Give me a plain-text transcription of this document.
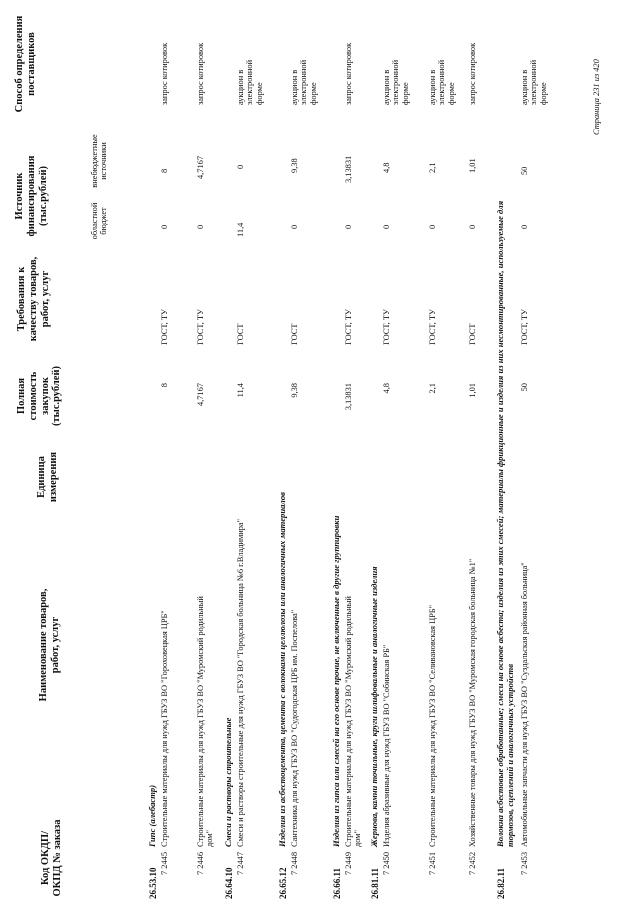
Код ОКДП/ ОКПД № заказа
Наименование товаров, работ, услуг
Единица измерения
Полная стоимость закупок (тыс.рублей)
Требования к качеству товаров, работ, услуг
Источник финансирования (тыс.рублей)	областной бюджет
внебюджетные источники
Способ определения поставщиков
26.53.10
Гипс (алебастр)
7 2445
Строительные материалы для нужд ГБУЗ ВО "Гороховецкая ЦРБ"
8
ГОСТ, ТУ
0
8
запрос котировок
7 2446
Строительные материалы для нужд ГБУЗ ВО "Муромский родильный дом"
4,7167
ГОСТ, ТУ
0
4,7167
запрос котировок
26.64.10
Смеси и растворы строительные
7 2447
Смеси и растворы строительные для нужд ГБУЗ ВО "Городская больница №6 г.Владимира"
11,4
ГОСТ
11,4
0
аукцион в электронной форме
26.65.12
Изделия из асбестоцемента, цемента с волокнами целлюлозы или аналогичных материалов
7 2448
Сантехника для нужд ГБУЗ ВО "Судогодская ЦРБ им. Поспелова"
9,38
ГОСТ
0
9,38
аукцион в электронной форме
26.66.11
Изделия из гипса или смесей на его основе прочие, не включенные в другие группировки
7 2449
Строительные материалы для нужд ГБУЗ ВО "Муромский родильный дом"
3,13831
ГОСТ, ТУ
0
3,13831
запрос котировок
26.81.11
Жернова, камни точильные, круги шлифовальные и аналогичные изделия
7 2450
Изделия абразивные для нужд ГБУЗ ВО "Собинская РБ"
4,8
ГОСТ, ТУ
0
4,8
аукцион в электронной форме
7 2451
Строительные материалы для нужд ГБУЗ ВО "Селивановская ЦРБ"
2,1
ГОСТ, ТУ
0
2,1
аукцион в электронной форме
7 2452
Хозяйственные товары для нужд ГБУЗ ВО "Муромская городская больница №1"
1,01
ГОСТ
0
1,01
запрос котировок
26.82.11
Волокна асбестовые обработанные; смеси на основе асбеста; изделия из этих смесей; материалы фрикционные и изделия из них несмонтированные, используемые для тормозов, сцеплений и аналогичных устройств
7 2453
Автомобильные запчасти для нужд ГБУЗ ВО "Суздальская районная больница"
50
ГОСТ, ТУ
0
50
аукцион в электронной форме	Страница 231 из 420
